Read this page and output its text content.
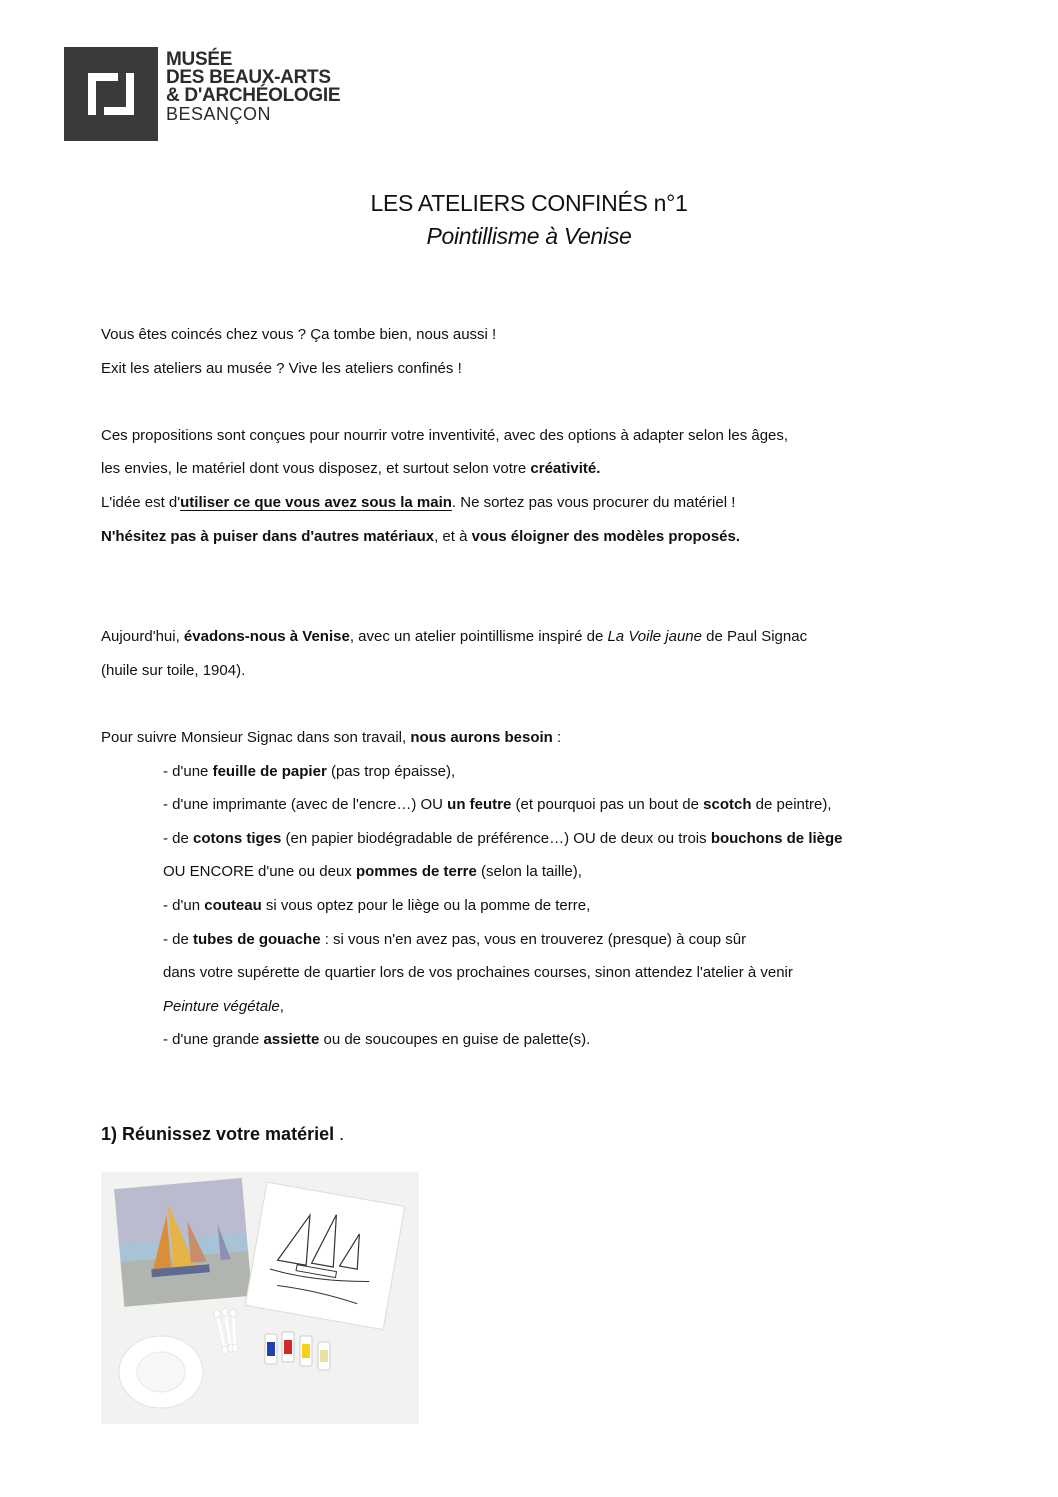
MUSÉE
DES BEAUX-ARTS
& D'ARCHÉOLOGIE
BESANÇON
LES ATELIERS CONFINÉS n°1
Pointillisme à Venise
Vous êtes coincés chez vous ? Ça tombe bien, nous aussi !
Exit les ateliers au musée ? Vive les ateliers confinés !
Ces propositions sont conçues pour nourrir votre inventivité, avec des options à adapter selon les âges,
les envies, le matériel dont vous disposez, et surtout selon votre créativité.
L'idée est d'utiliser ce que vous avez sous la main. Ne sortez pas vous procurer du matériel !
N'hésitez pas à puiser dans d'autres matériaux, et à vous éloigner des modèles proposés.
Aujourd'hui, évadons-nous à Venise, avec un atelier pointillisme inspiré de La Voile jaune de Paul Signac
(huile sur toile, 1904).
Pour suivre Monsieur Signac dans son travail, nous aurons besoin :
- d'une feuille de papier (pas trop épaisse),
- d'une imprimante (avec de l'encre…) OU un feutre (et pourquoi pas un bout de scotch de peintre),
- de cotons tiges (en papier biodégradable de préférence…) OU de deux ou trois bouchons de liège
OU ENCORE d'une ou deux pommes de terre (selon la taille),
- d'un couteau si vous optez pour le liège ou la pomme de terre,
- de tubes de gouache : si vous n'en avez pas, vous en trouverez (presque) à coup sûr
dans votre supérette de quartier lors de vos prochaines courses, sinon attendez l'atelier à venir
Peinture végétale,
- d'une grande assiette ou de soucoupes en guise de palette(s).
1) Réunissez votre matériel .
